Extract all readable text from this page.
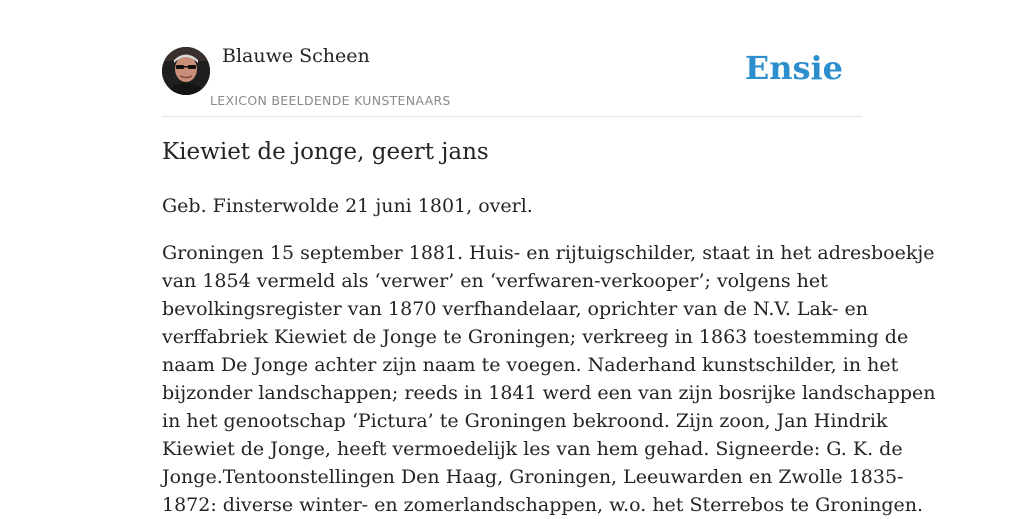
Blauwe Scheen
LEXICON BEELDENDE KUNSTENAARS
Ensie
Kiewiet de jonge, geert jans

Geb. Finsterwolde 21 juni 1801, overl.

Groningen 15 september 1881. Huis- en rijtuigschilder, staat in het adresboekje
van 1854 vermeld als ‘verwer’ en ‘verfwaren-verkooper’; volgens het
bevolkingsregister van 1870 verfhandelaar, oprichter van de N.V. Lak- en
verffabriek Kiewiet de Jonge te Groningen; verkreeg in 1863 toestemming de
naam De Jonge achter zijn naam te voegen. Naderhand kunstschilder, in het
bijzonder landschappen; reeds in 1841 werd een van zijn bosrijke landschappen
in het genootschap ‘Pictura’ te Groningen bekroond. Zijn zoon, Jan Hindrik
Kiewiet de Jonge, heeft vermoedelijk les van hem gehad. Signeerde: G. K. de
Jonge.Tentoonstellingen Den Haag, Groningen, Leeuwarden en Zwolle 1835-
1872: diverse winter- en zomerlandschappen, w.o. het Sterrebos te Groningen.
